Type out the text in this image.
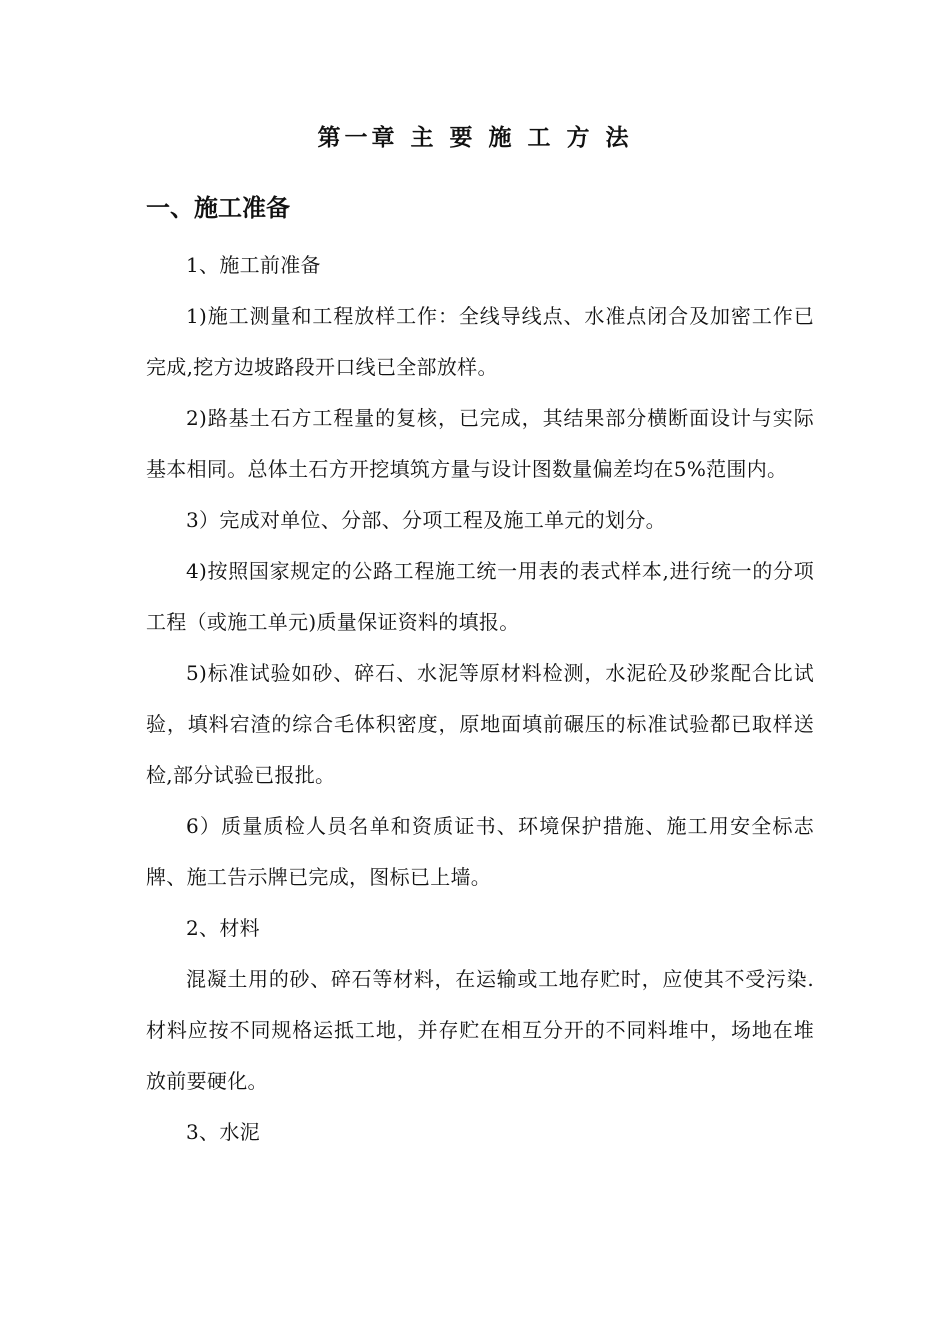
第一章 主 要 施 工 方 法
一、施工准备

1、施工前准备

1)施工测量和工程放样工作：全线导线点、水准点闭合及加密工作已完成,挖方边坡路段开口线已全部放样。

2)路基土石方工程量的复核，已完成，其结果部分横断面设计与实际基本相同。总体土石方开挖填筑方量与设计图数量偏差均在5%范围内。

3）完成对单位、分部、分项工程及施工单元的划分。

4)按照国家规定的公路工程施工统一用表的表式样本,进行统一的分项工程（或施工单元)质量保证资料的填报。

5)标准试验如砂、碎石、水泥等原材料检测，水泥砼及砂浆配合比试验，填料宕渣的综合毛体积密度，原地面填前碾压的标准试验都已取样送检,部分试验已报批。

6）质量质检人员名单和资质证书、环境保护措施、施工用安全标志牌、施工告示牌已完成，图标已上墙。

2、材料

混凝土用的砂、碎石等材料，在运输或工地存贮时，应使其不受污染.材料应按不同规格运抵工地，并存贮在相互分开的不同料堆中，场地在堆放前要硬化。

3、水泥
